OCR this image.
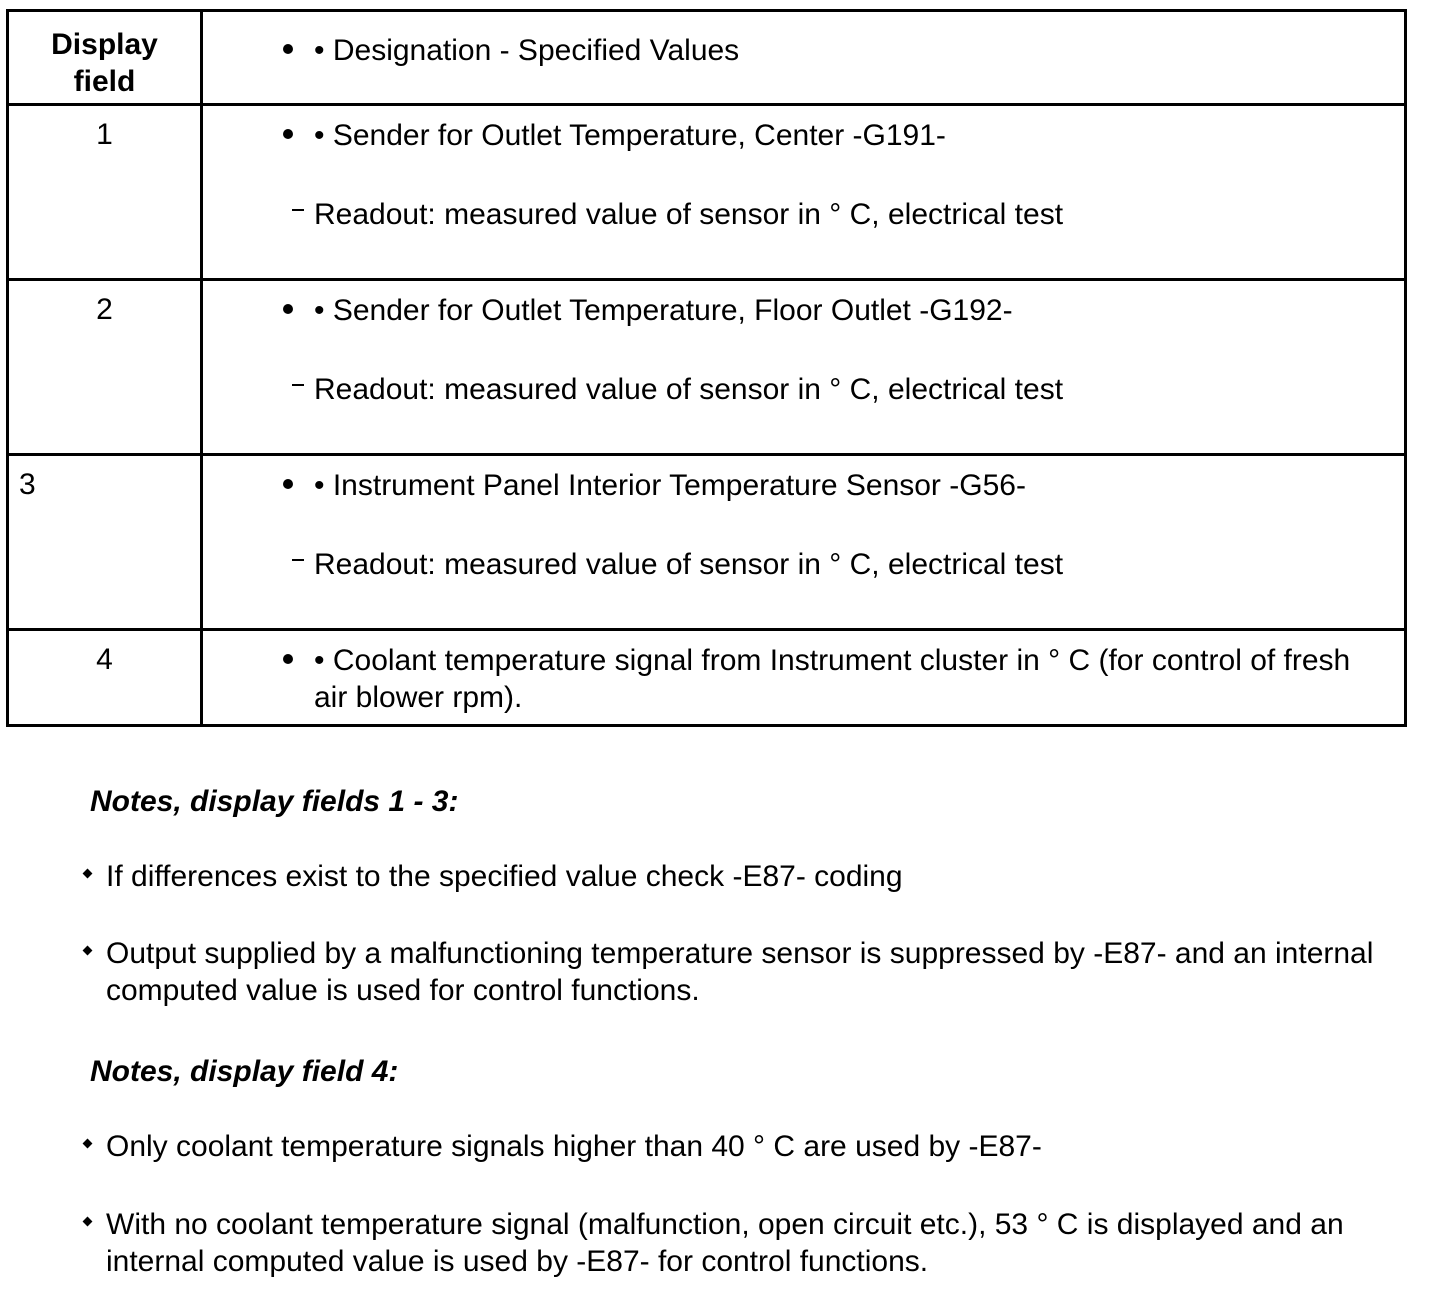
Display
field	• Designation - Specified Values

1	• Sender for Outlet Temperature, Center -G191-
Readout: measured value of sensor in ° C, electrical test

2	• Sender for Outlet Temperature, Floor Outlet -G192-
Readout: measured value of sensor in ° C, electrical test

3	• Instrument Panel Interior Temperature Sensor -G56-
Readout: measured value of sensor in ° C, electrical test

4	• Coolant temperature signal from Instrument cluster in ° C (for control of fresh air blower rpm).
Notes, display fields 1 - 3:
If differences exist to the specified value check -E87- coding
Output supplied by a malfunctioning temperature sensor is suppressed by -E87- and an internal computed value is used for control functions.
Notes, display field 4:
Only coolant temperature signals higher than 40 ° C are used by -E87-
With no coolant temperature signal (malfunction, open circuit etc.), 53 ° C is displayed and an internal computed value is used by -E87- for control functions.
